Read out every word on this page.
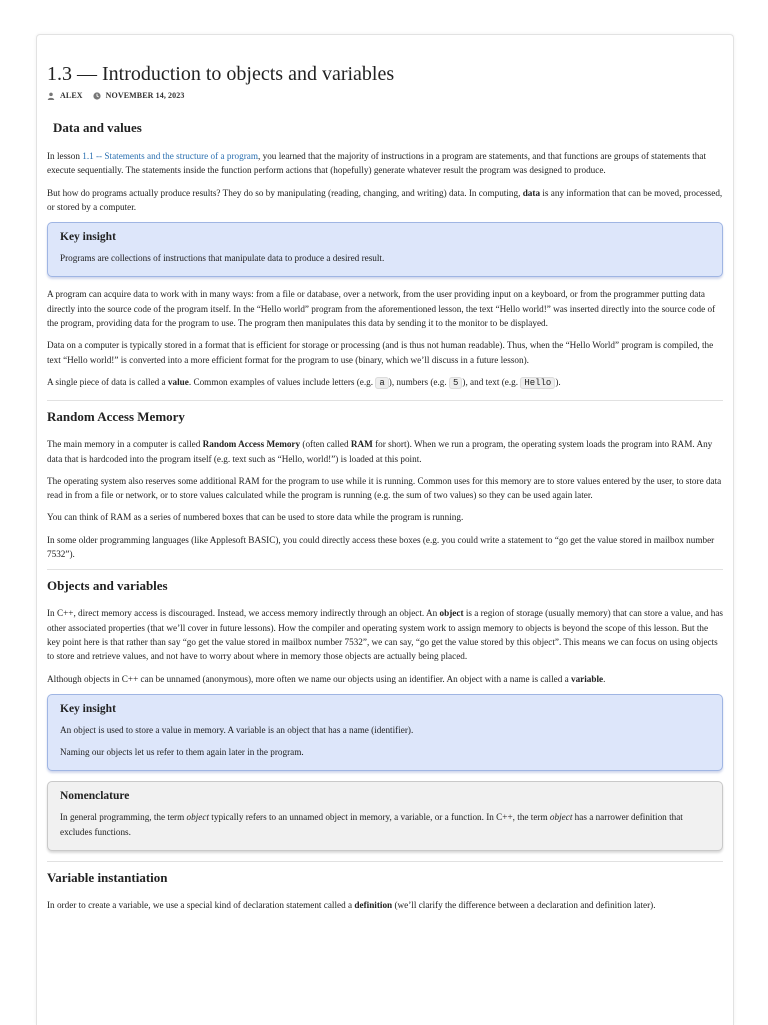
1.3 — Introduction to objects and variables
ALEX	NOVEMBER 14, 2023
Data and values

In lesson 1.1 -- Statements and the structure of a program, you learned that the majority of instructions in a program are statements, and that functions are groups of statements that execute sequentially. The statements inside the function perform actions that (hopefully) generate whatever result the program was designed to produce.

But how do programs actually produce results? They do so by manipulating (reading, changing, and writing) data. In computing, data is any information that can be moved, processed, or stored by a computer.

Key insight

Programs are collections of instructions that manipulate data to produce a desired result.

A program can acquire data to work with in many ways: from a file or database, over a network, from the user providing input on a keyboard, or from the programmer putting data directly into the source code of the program itself. In the “Hello world” program from the aforementioned lesson, the text “Hello world!” was inserted directly into the source code of the program, providing data for the program to use. The program then manipulates this data by sending it to the monitor to be displayed.

Data on a computer is typically stored in a format that is efficient for storage or processing (and is thus not human readable). Thus, when the “Hello World” program is compiled, the text “Hello world!” is converted into a more efficient format for the program to use (binary, which we’ll discuss in a future lesson).

A single piece of data is called a value. Common examples of values include letters (e.g. a ), numbers (e.g. 5 ), and text (e.g. Hello ).

Random Access Memory

The main memory in a computer is called Random Access Memory (often called RAM for short). When we run a program, the operating system loads the program into RAM. Any data that is hardcoded into the program itself (e.g. text such as “Hello, world!”) is loaded at this point.

The operating system also reserves some additional RAM for the program to use while it is running. Common uses for this memory are to store values entered by the user, to store data read in from a file or network, or to store values calculated while the program is running (e.g. the sum of two values) so they can be used again later.

You can think of RAM as a series of numbered boxes that can be used to store data while the program is running.

In some older programming languages (like Applesoft BASIC), you could directly access these boxes (e.g. you could write a statement to “go get the value stored in mailbox number 7532”).

Objects and variables

In C++, direct memory access is discouraged. Instead, we access memory indirectly through an object. An object is a region of storage (usually memory) that can store a value, and has other associated properties (that we’ll cover in future lessons). How the compiler and operating system work to assign memory to objects is beyond the scope of this lesson. But the key point here is that rather than say “go get the value stored in mailbox number 7532”, we can say, “go get the value stored by this object”. This means we can focus on using objects to store and retrieve values, and not have to worry about where in memory those objects are actually being placed.

Although objects in C++ can be unnamed (anonymous), more often we name our objects using an identifier. An object with a name is called a variable.

Key insight

An object is used to store a value in memory. A variable is an object that has a name (identifier).

Naming our objects let us refer to them again later in the program.

Nomenclature

In general programming, the term object typically refers to an unnamed object in memory, a variable, or a function. In C++, the term object has a narrower definition that excludes functions.

Variable instantiation

In order to create a variable, we use a special kind of declaration statement called a definition (we’ll clarify the difference between a declaration and definition later).
